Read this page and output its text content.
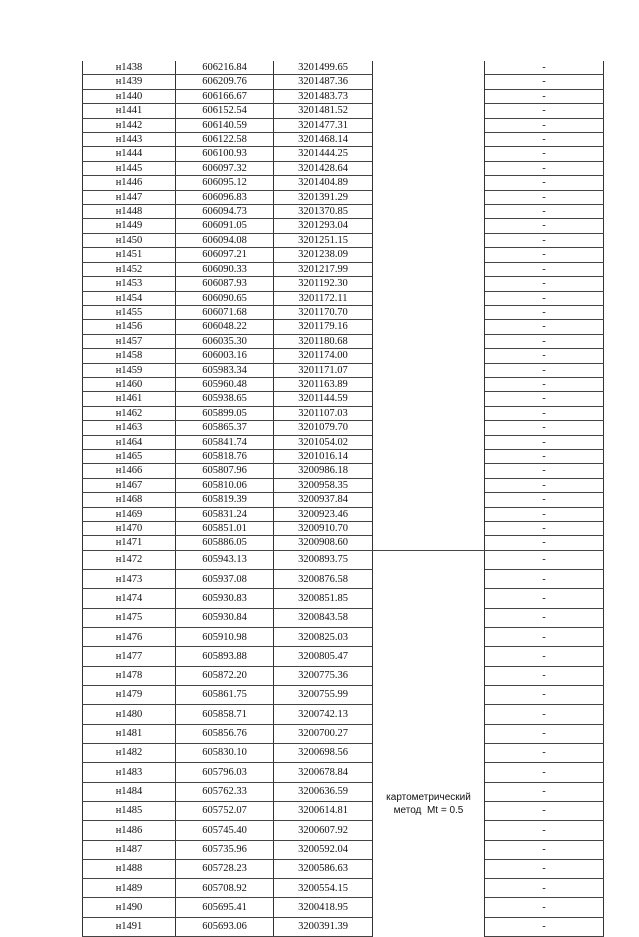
н1438	606216.84	3201499.65		-
н1439	606209.76	3201487.36		-
н1440	606166.67	3201483.73		-
н1441	606152.54	3201481.52		-
н1442	606140.59	3201477.31		-
н1443	606122.58	3201468.14		-
н1444	606100.93	3201444.25		-
н1445	606097.32	3201428.64		-
н1446	606095.12	3201404.89		-
н1447	606096.83	3201391.29		-
н1448	606094.73	3201370.85		-
н1449	606091.05	3201293.04		-
н1450	606094.08	3201251.15		-
н1451	606097.21	3201238.09		-
н1452	606090.33	3201217.99		-
н1453	606087.93	3201192.30		-
н1454	606090.65	3201172.11		-
н1455	606071.68	3201170.70		-
н1456	606048.22	3201179.16		-
н1457	606035.30	3201180.68		-
н1458	606003.16	3201174.00		-
н1459	605983.34	3201171.07		-
н1460	605960.48	3201163.89		-
н1461	605938.65	3201144.59		-
н1462	605899.05	3201107.03		-
н1463	605865.37	3201079.70		-
н1464	605841.74	3201054.02		-
н1465	605818.76	3201016.14		-
н1466	605807.96	3200986.18		-
н1467	605810.06	3200958.35		-
н1468	605819.39	3200937.84		-
н1469	605831.24	3200923.46		-
н1470	605851.01	3200910.70		-
н1471	605886.05	3200908.60		-
н1472	605943.13	3200893.75	картометрический
метод  Mt = 0.5	-
н1473	605937.08	3200876.58		-
н1474	605930.83	3200851.85		-
н1475	605930.84	3200843.58		-
н1476	605910.98	3200825.03		-
н1477	605893.88	3200805.47		-
н1478	605872.20	3200775.36		-
н1479	605861.75	3200755.99		-
н1480	605858.71	3200742.13		-
н1481	605856.76	3200700.27		-
н1482	605830.10	3200698.56		-
н1483	605796.03	3200678.84		-
н1484	605762.33	3200636.59		-
н1485	605752.07	3200614.81		-
н1486	605745.40	3200607.92		-
н1487	605735.96	3200592.04		-
н1488	605728.23	3200586.63		-
н1489	605708.92	3200554.15		-
н1490	605695.41	3200418.95		-
н1491	605693.06	3200391.39		-
